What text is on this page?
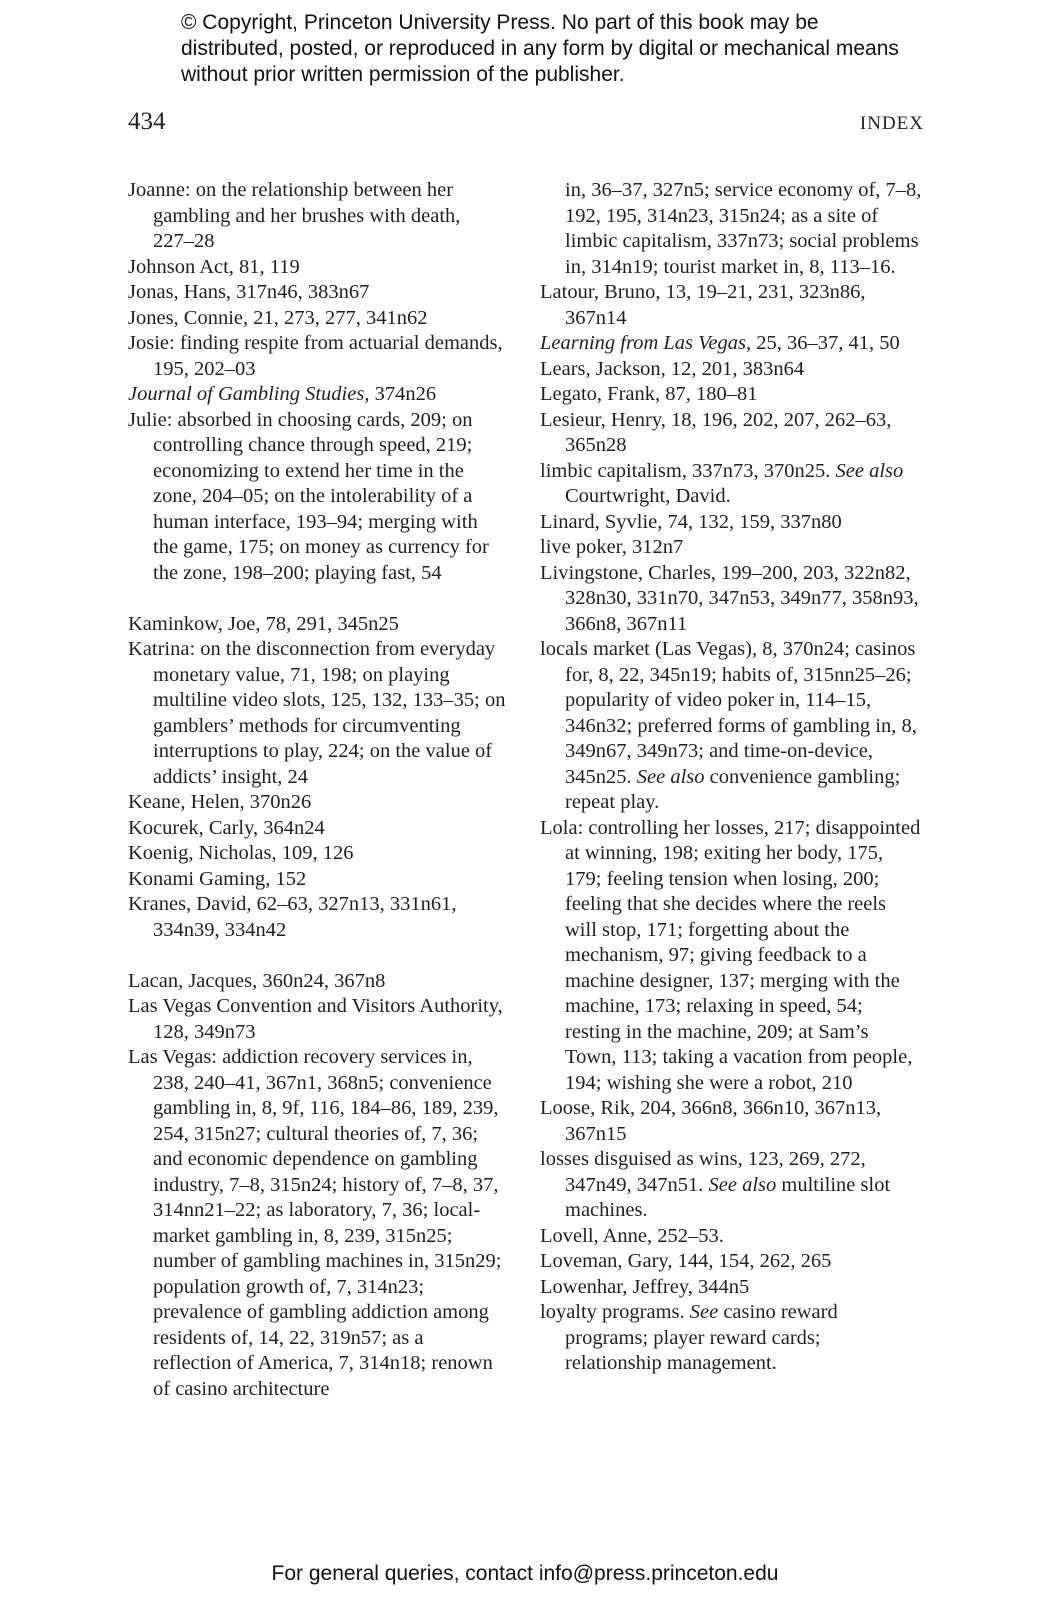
© Copyright, Princeton University Press. No part of this book may be distributed, posted, or reproduced in any form by digital or mechanical means without prior written permission of the publisher.
434	INDEX

Joanne: on the relationship between her gambling and her brushes with death, 227–28

Johnson Act, 81, 119

Jonas, Hans, 317n46, 383n67

Jones, Connie, 21, 273, 277, 341n62

Josie: finding respite from actuarial demands, 195, 202–03

Journal of Gambling Studies, 374n26

Julie: absorbed in choosing cards, 209; on controlling chance through speed, 219; economizing to extend her time in the zone, 204–05; on the intolerability of a human interface, 193–94; merging with the game, 175; on money as currency for the zone, 198–200; playing fast, 54

Kaminkow, Joe, 78, 291, 345n25

Katrina: on the disconnection from everyday monetary value, 71, 198; on playing multiline video slots, 125, 132, 133–35; on gamblers’ methods for circumventing interruptions to play, 224; on the value of addicts’ insight, 24

Keane, Helen, 370n26

Kocurek, Carly, 364n24

Koenig, Nicholas, 109, 126

Konami Gaming, 152

Kranes, David, 62–63, 327n13, 331n61, 334n39, 334n42

Lacan, Jacques, 360n24, 367n8

Las Vegas Convention and Visitors Authority, 128, 349n73

Las Vegas: addiction recovery services in, 238, 240–41, 367n1, 368n5; convenience gambling in, 8, 9f, 116, 184–86, 189, 239, 254, 315n27; cultural theories of, 7, 36; and economic dependence on gambling industry, 7–8, 315n24; history of, 7–8, 37, 314nn21–22; as laboratory, 7, 36; local-market gambling in, 8, 239, 315n25; number of gambling machines in, 315n29; population growth of, 7, 314n23; prevalence of gambling addiction among residents of, 14, 22, 319n57; as a reflection of America, 7, 314n18; renown of casino architecture

in, 36–37, 327n5; service economy of, 7–8, 192, 195, 314n23, 315n24; as a site of limbic capitalism, 337n73; social problems in, 314n19; tourist market in, 8, 113–16.

Latour, Bruno, 13, 19–21, 231, 323n86, 367n14

Learning from Las Vegas, 25, 36–37, 41, 50

Lears, Jackson, 12, 201, 383n64

Legato, Frank, 87, 180–81

Lesieur, Henry, 18, 196, 202, 207, 262–63, 365n28

limbic capitalism, 337n73, 370n25. See also Courtwright, David.

Linard, Syvlie, 74, 132, 159, 337n80

live poker, 312n7

Livingstone, Charles, 199–200, 203, 322n82, 328n30, 331n70, 347n53, 349n77, 358n93, 366n8, 367n11

locals market (Las Vegas), 8, 370n24; casinos for, 8, 22, 345n19; habits of, 315nn25–26; popularity of video poker in, 114–15, 346n32; preferred forms of gambling in, 8, 349n67, 349n73; and time-on-device, 345n25. See also convenience gambling; repeat play.

Lola: controlling her losses, 217; disappointed at winning, 198; exiting her body, 175, 179; feeling tension when losing, 200; feeling that she decides where the reels will stop, 171; forgetting about the mechanism, 97; giving feedback to a machine designer, 137; merging with the machine, 173; relaxing in speed, 54; resting in the machine, 209; at Sam’s Town, 113; taking a vacation from people, 194; wishing she were a robot, 210

Loose, Rik, 204, 366n8, 366n10, 367n13, 367n15

losses disguised as wins, 123, 269, 272, 347n49, 347n51. See also multiline slot machines.

Lovell, Anne, 252–53.

Loveman, Gary, 144, 154, 262, 265

Lowenhar, Jeffrey, 344n5

loyalty programs. See casino reward programs; player reward cards; relationship management.

For general queries, contact info@press.princeton.edu
